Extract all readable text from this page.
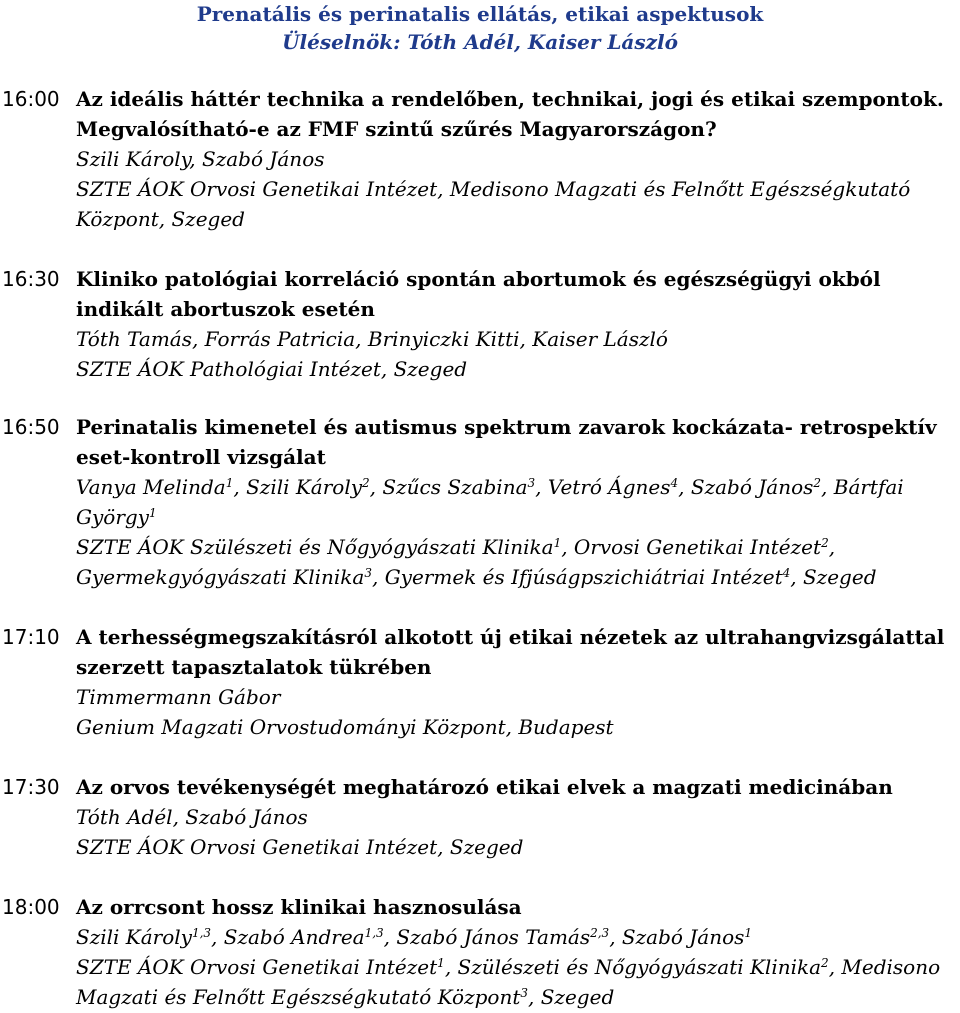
Prenatális és perinatalis ellátás, etikai aspektusok
Üléselnök: Tóth Adél, Kaiser László
16:00 Az ideális háttér technika a rendelőben, technikai, jogi és etikai szempontok. Megvalósítható-e az FMF szintű szűrés Magyarországon?
Szili Károly, Szabó János
SZTE ÁOK Orvosi Genetikai Intézet, Medisono Magzati és Felnőtt Egészségkutató Központ, Szeged
16:30 Kliniko patológiai korreláció spontán abortumok és egészségügyi okból indikált abortuszok esetén
Tóth Tamás, Forrás Patricia, Brinyiczki Kitti, Kaiser László
SZTE ÁOK Pathológiai Intézet, Szeged
16:50 Perinatalis kimenetel és autismus spektrum zavarok kockázata- retrospektív eset-kontroll vizsgálat
Vanya Melinda$^1$, Szili Károly$^2$, Szűcs Szabina$^3$, Vetró Ágnes$^4$, Szabó János$^2$, Bártfai György$^1$
SZTE ÁOK Szülészeti és Nőgyógyászati Klinika$^1$, Orvosi Genetikai Intézet$^2$, Gyermekgyógyászati Klinika$^3$, Gyermek és Ifjúságpszichiátriai Intézet$^4$, Szeged
17:10 A terhességmegszakításról alkotott új etikai nézetek az ultrahangvizsgálattal szerzett tapasztalatok tükrében
Timmermann Gábor
Genium Magzati Orvostudományi Központ, Budapest
17:30 Az orvos tevékenységét meghatározó etikai elvek a magzati medicinában
Tóth Adél, Szabó János
SZTE ÁOK Orvosi Genetikai Intézet, Szeged
18:00 Az orrcsont hossz klinikai hasznosulása
Szili Károly$^{1,3}$, Szabó Andrea$^{1,3}$, Szabó János Tamás$^{2,3}$, Szabó János$^1$
SZTE ÁOK Orvosi Genetikai Intézet$^1$, Szülészeti és Nőgyógyászati Klinika$^2$, Medisono Magzati és Felnőtt Egészségkutató Központ$^3$, Szeged
